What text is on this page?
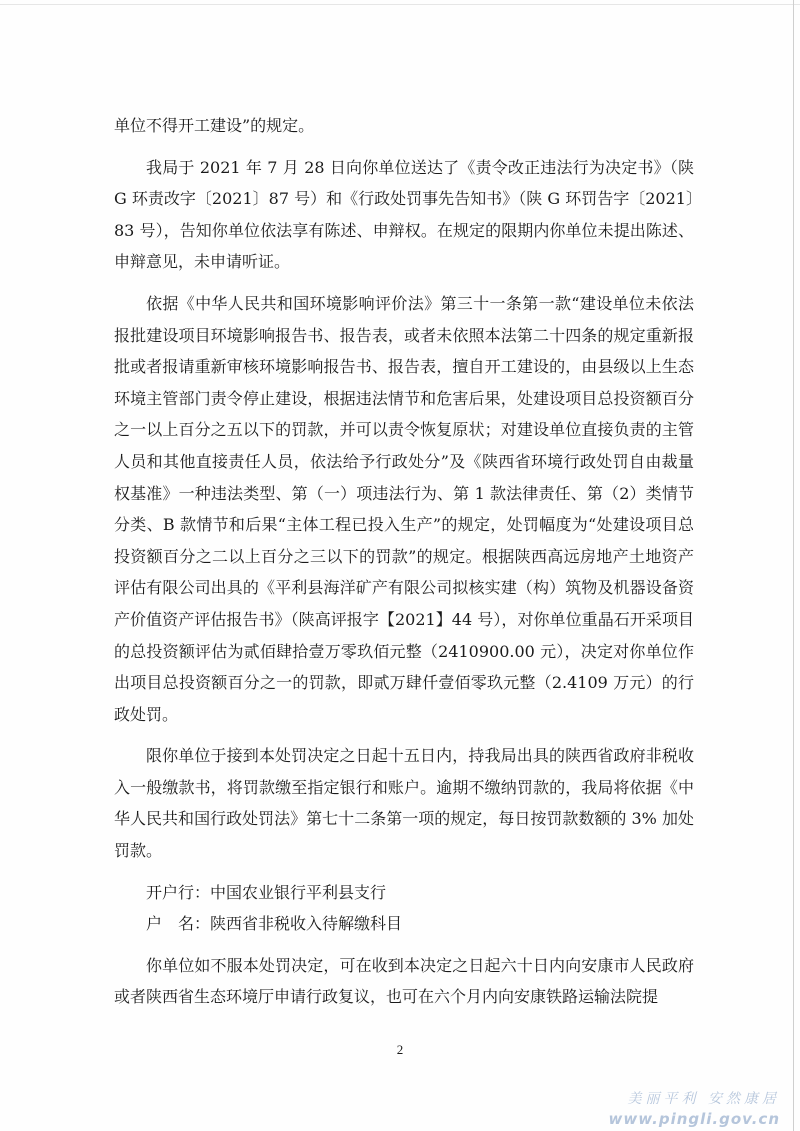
单位不得开工建设”的规定。

我局于 2021 年 7 月 28 日向你单位送达了《责令改正违法行为决定书》（陕 G 环责改字〔2021〕87 号）和《行政处罚事先告知书》（陕 G 环罚告字〔2021〕83 号），告知你单位依法享有陈述、申辩权。在规定的限期内你单位未提出陈述、申辩意见，未申请听证。

依据《中华人民共和国环境影响评价法》第三十一条第一款“建设单位未依法报批建设项目环境影响报告书、报告表，或者未依照本法第二十四条的规定重新报批或者报请重新审核环境影响报告书、报告表，擅自开工建设的，由县级以上生态环境主管部门责令停止建设，根据违法情节和危害后果，处建设项目总投资额百分之一以上百分之五以下的罚款，并可以责令恢复原状；对建设单位直接负责的主管人员和其他直接责任人员，依法给予行政处分”及《陕西省环境行政处罚自由裁量权基准》一种违法类型、第（一）项违法行为、第 1 款法律责任、第（2）类情节分类、B 款情节和后果“主体工程已投入生产”的规定，处罚幅度为“处建设项目总投资额百分之二以上百分之三以下的罚款”的规定。根据陕西高远房地产土地资产评估有限公司出具的《平利县海洋矿产有限公司拟核实建（构）筑物及机器设备资产价值资产评估报告书》（陕高评报字【2021】44 号），对你单位重晶石开采项目的总投资额评估为贰佰肆拾壹万零玖佰元整（2410900.00 元），决定对你单位作出项目总投资额百分之一的罚款，即贰万肆仟壹佰零玖元整（2.4109 万元）的行政处罚。

限你单位于接到本处罚决定之日起十五日内，持我局出具的陕西省政府非税收入一般缴款书，将罚款缴至指定银行和账户。逾期不缴纳罚款的，我局将依据《中华人民共和国行政处罚法》第七十二条第一项的规定，每日按罚款数额的 3% 加处罚款。

开户行：中国农业银行平利县支行

户　名：陕西省非税收入待解缴科目

你单位如不服本处罚决定，可在收到本决定之日起六十日内向安康市人民政府或者陕西省生态环境厅申请行政复议，也可在六个月内向安康铁路运输法院提

2
美丽平利 安然康居
www.pingli.gov.cn
